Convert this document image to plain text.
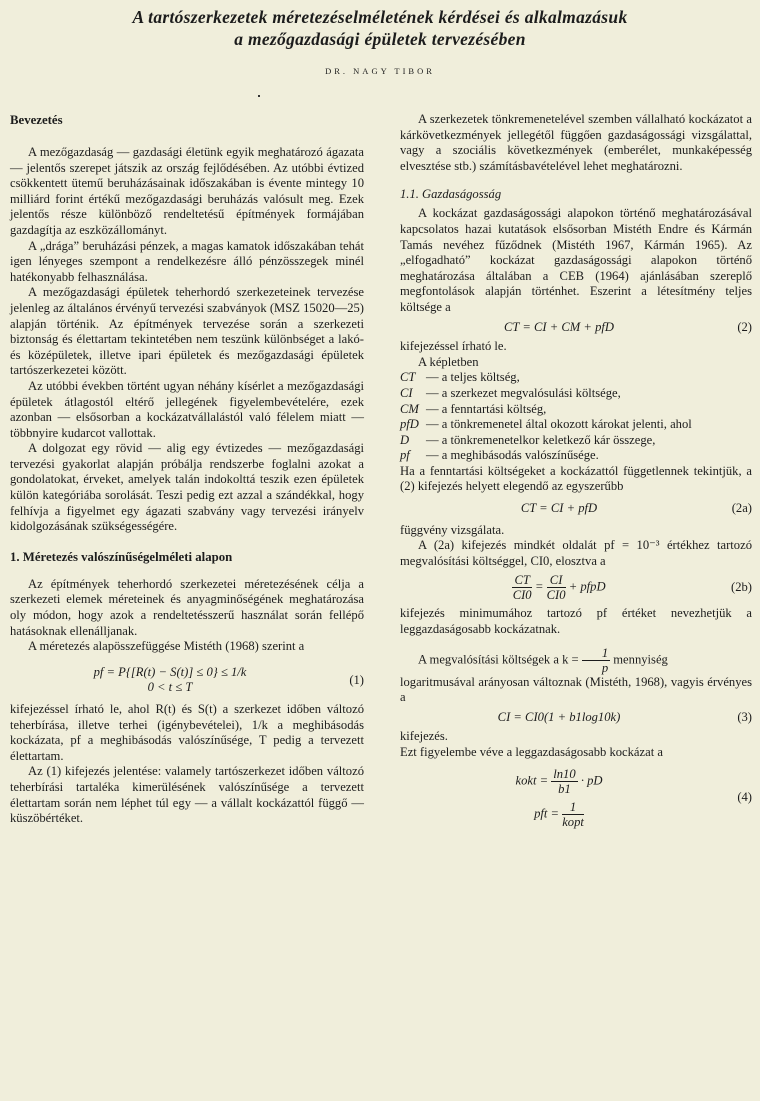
A tartószerkezetek méretezéselméletének kérdései és alkalmazásuk
a mezőgazdasági épületek tervezésében
DR. NAGY TIBOR
Bevezetés

A mezőgazdaság — gazdasági életünk egyik meghatározó ágazata — jelentős szerepet játszik az ország fejlődésében. Az utóbbi évtized csökkentett ütemű beruházásainak időszakában is évente mintegy 10 milliárd forint értékű mezőgazdasági beruházás valósult meg. Ezek jelentős része különböző rendeltetésű építmények formájában gazdagítja az eszközállományt.

A „drága” beruházási pénzek, a magas kamatok időszakában tehát igen lényeges szempont a rendelkezésre álló pénzösszegek minél hatékonyabb felhasználása.

A mezőgazdasági épületek teherhordó szerkezeteinek tervezése jelenleg az általános érvényű tervezési szabványok (MSZ 15020—25) alapján történik. Az építmények tervezése során a szerkezeti biztonság és élettartam tekintetében nem teszünk különbséget a lakó- és középületek, illetve ipari épületek és mezőgazdasági épületek tartószerkezetei között.

Az utóbbi években történt ugyan néhány kísérlet a mezőgazdasági épületek átlagostól eltérő jellegének figyelembevételére, ezek azonban — elsősorban a kockázatvállalástól való félelem miatt — többnyire kudarcot vallottak.

A dolgozat egy rövid — alig egy évtizedes — mezőgazdasági tervezési gyakorlat alapján próbálja rendszerbe foglalni azokat a gondolatokat, érveket, amelyek talán indokolttá teszik ezen épületek külön kategóriába sorolását. Teszi pedig ezt azzal a szándékkal, hogy felhívja a figyelmet egy ágazati szabvány vagy tervezési irányelv kidolgozásának szükségességére.

1. Méretezés valószínűségelméleti alapon

Az építmények teherhordó szerkezetei méretezésének célja a szerkezeti elemek méreteinek és anyagminőségének meghatározása oly módon, hogy azok a rendeltetésszerű használat során fellépő hatásoknak ellenálljanak.

A méretezés alapösszefüggése Mistéth (1968) szerint a

pf = P{[R(t) − S(t)] ≤ 0} ≤ 1/k
0 < t ≤ T
(1)

kifejezéssel írható le, ahol R(t) és S(t) a szerkezet időben változó teherbírása, illetve terhei (igénybevételei), 1/k a meghibásodás kockázata, pf a meghibásodás valószínűsége, T pedig a tervezett élettartam.

Az (1) kifejezés jelentése: valamely tartószerkezet időben változó teherbírási tartaléka kimerülésének valószínűsége a tervezett élettartam során nem léphet túl egy — a vállalt kockázattól függő — küszöbértéket.

A szerkezetek tönkremenetelével szemben vállalható kockázatot a kárkövetkezmények jellegétől függően gazdaságossági vizsgálattal, vagy a szociális következmények (emberélet, munkaképesség elvesztése stb.) számításbavételével lehet meghatározni.

1.1. Gazdaságosság

A kockázat gazdaságossági alapokon történő meghatározásával kapcsolatos hazai kutatások elsősorban Mistéth Endre és Kármán Tamás nevéhez fűződnek (Mistéth 1967, Kármán 1965). Az „elfogadható” kockázat gazdaságossági alapokon történő meghatározása általában a CEB (1964) ajánlásában szereplő megfontolások alapján történhet. Eszerint a létesítmény teljes költsége a

CT = CI + CM + pfD	(2)

kifejezéssel írható le.

A képletben

CT — a teljes költség,
CI	— a szerkezet megvalósulási költsége,
CM — a fenntartási költség,
pfD — a tönkremenetel által okozott károkat jelenti, ahol
D	— a tönkremenetelkor keletkező kár összege,
pf	— a meghibásodás valószínűsége.

Ha a fenntartási költségeket a kockázattól függetlennek tekintjük, a (2) kifejezés helyett elegendő az egyszerűbb

CT = CI + pfD	(2a)

függvény vizsgálata.

A (2a) kifejezés mindkét oldalát pf = 10⁻³ értékhez tartozó megvalósítási költséggel, CI0, elosztva a

$\frac{CT}{CI0} = \frac{CI}{CI0}$ + pfpD	(2b)

kifejezés minimumához tartozó pf értéket nevezhetjük a leggazdaságosabb kockázatnak.

A megvalósítási költségek a $k = \frac{1}{p}$ mennyiség

logaritmusával arányosan változnak (Mistéth, 1968), vagyis érvényes a

CI = CI0(1 + b1log10k)	(3)

kifejezés.

Ezt figyelembe véve a leggazdaságosabb kockázat a

kokt = $\frac{\ln 10}{b1}$ · pD
pft = $\frac{1}{\text{kopt}}$
(4)
